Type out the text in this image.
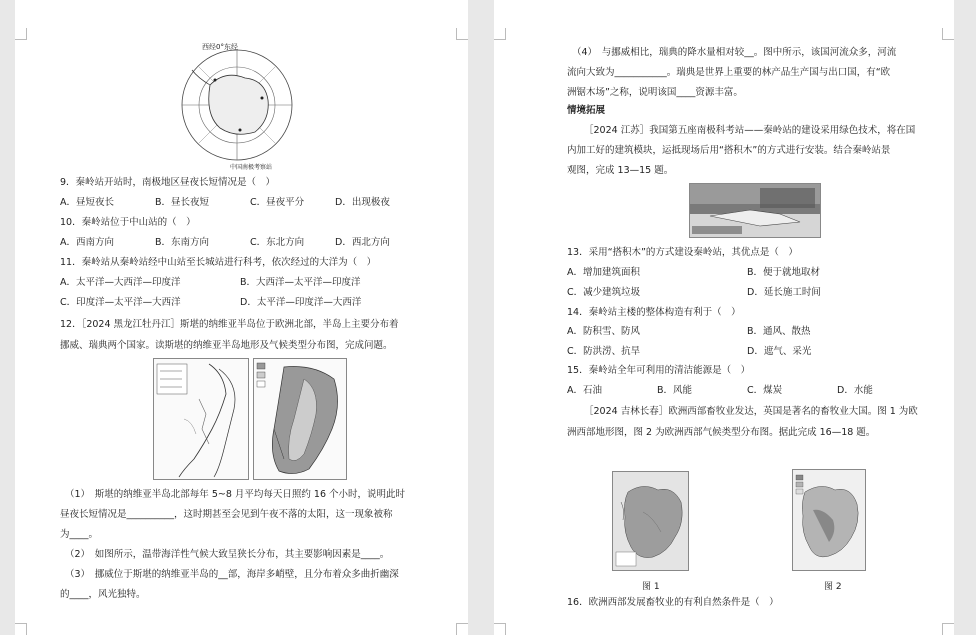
西经0°东经
中国南极考察站
9．秦岭站开站时，南极地区昼夜长短情况是（　）
A．昼短夜长	B．昼长夜短	C．昼夜平分	D．出现极夜
10．秦岭站位于中山站的（　）
A．西南方向	B．东南方向	C．东北方向	D．西北方向
11．秦岭站从秦岭站经中山站至长城站进行科考，依次经过的大洋为（　）
A．太平洋—大西洋—印度洋	B．大西洋—太平洋—印度洋
C．印度洋—太平洋—大西洋	D．太平洋—印度洋—大西洋
12．［2024 黑龙江牡丹江］斯堪的纳维亚半岛位于欧洲北部，半岛上主要分布着
挪威、瑞典两个国家。读斯堪的纳维亚半岛地形及气候类型分布图，完成问题。
（1）　斯堪的纳维亚半岛北部每年 5~8 月平均每天日照约 16 个小时，说明此时
昼夜长短情况是__________，这时期甚至会见到午夜不落的太阳，这一现象被称
为____。
（2）　如图所示，温带海洋性气候大致呈狭长分布，其主要影响因素是____。
（3）　挪威位于斯堪的纳维亚半岛的__部，海岸多峭壁，且分布着众多曲折幽深
的____，风光独特。
（4）　与挪威相比，瑞典的降水量相对较__。图中所示，该国河流众多，河流
流向大致为___________。瑞典是世界上重要的林产品生产国与出口国，有“欧
洲锯木场”之称，说明该国____资源丰富。
情境拓展
［2024 江苏］我国第五座南极科考站——秦岭站的建设采用绿色技术，将在国
内加工好的建筑模块，运抵现场后用“搭积木”的方式进行安装。结合秦岭站景
观图，完成 13—15 题。
13．采用“搭积木”的方式建设秦岭站，其优点是（　）
A．增加建筑面积	B．便于就地取材
C．减少建筑垃圾	D．延长施工时间
14．秦岭站主楼的整体构造有利于（　）
A．防积雪、防风	B．通风、散热
C．防洪涝、抗旱	D．遮气、采光
15．秦岭站全年可利用的清洁能源是（　）
A．石油	B．风能	C．煤炭	D．水能
［2024 吉林长春］欧洲西部畜牧业发达，英国是著名的畜牧业大国。图 1 为欧
洲西部地形图，图 2 为欧洲西部气候类型分布图。据此完成 16—18 题。
图 1	图 2
16．欧洲西部发展畜牧业的有利自然条件是（　）
